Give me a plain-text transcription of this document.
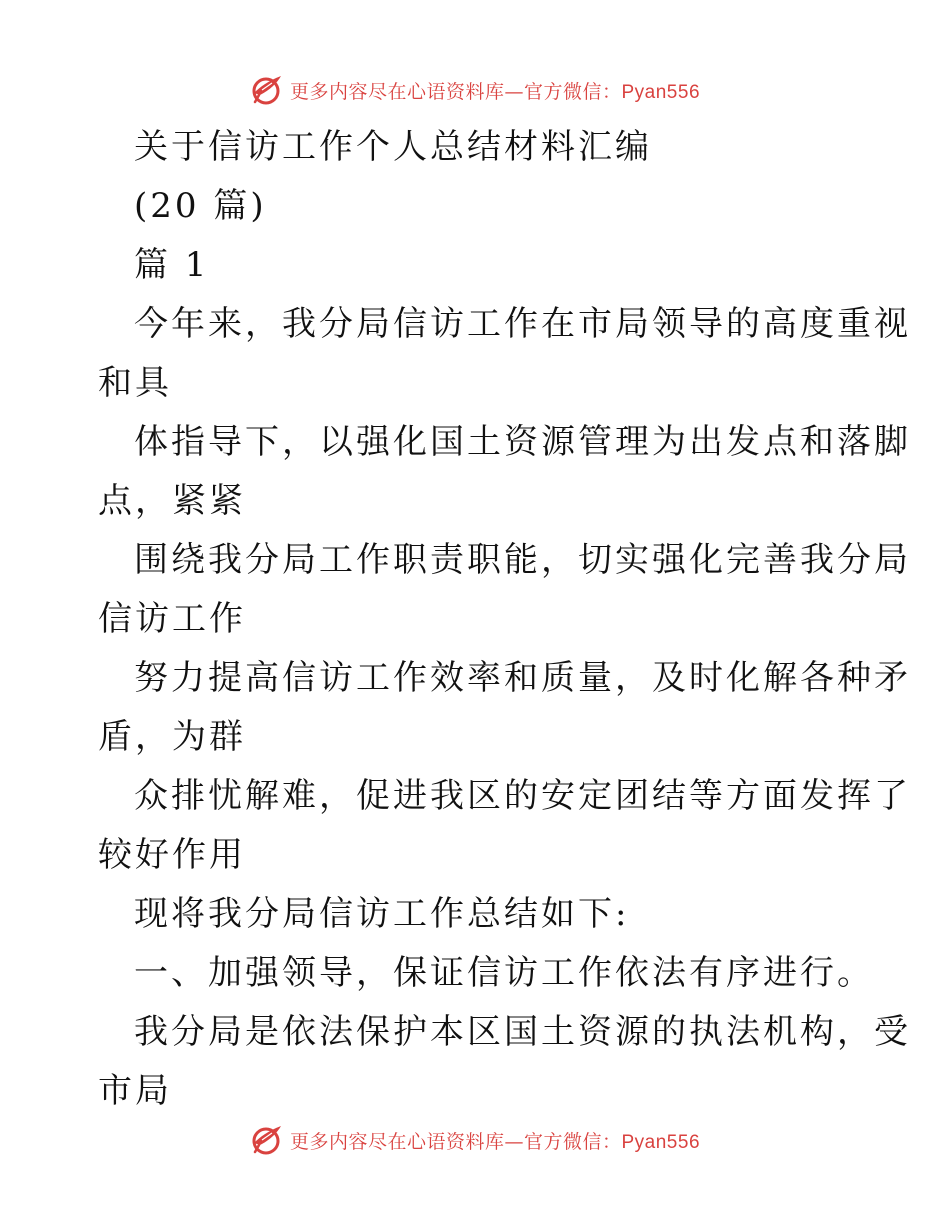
更多内容尽在心语资料库—官方微信：Pyan556

关于信访工作个人总结材料汇编

(20 篇)

篇 1

今年来，我分局信访工作在市局领导的高度重视

和具

体指导下，以强化国土资源管理为出发点和落脚

点，紧紧

围绕我分局工作职责职能，切实强化完善我分局

信访工作

努力提高信访工作效率和质量，及时化解各种矛

盾，为群

众排忧解难，促进我区的安定团结等方面发挥了

较好作用

现将我分局信访工作总结如下:

一、加强领导，保证信访工作依法有序进行。

我分局是依法保护本区国土资源的执法机构，受

市局

更多内容尽在心语资料库—官方微信：Pyan556
